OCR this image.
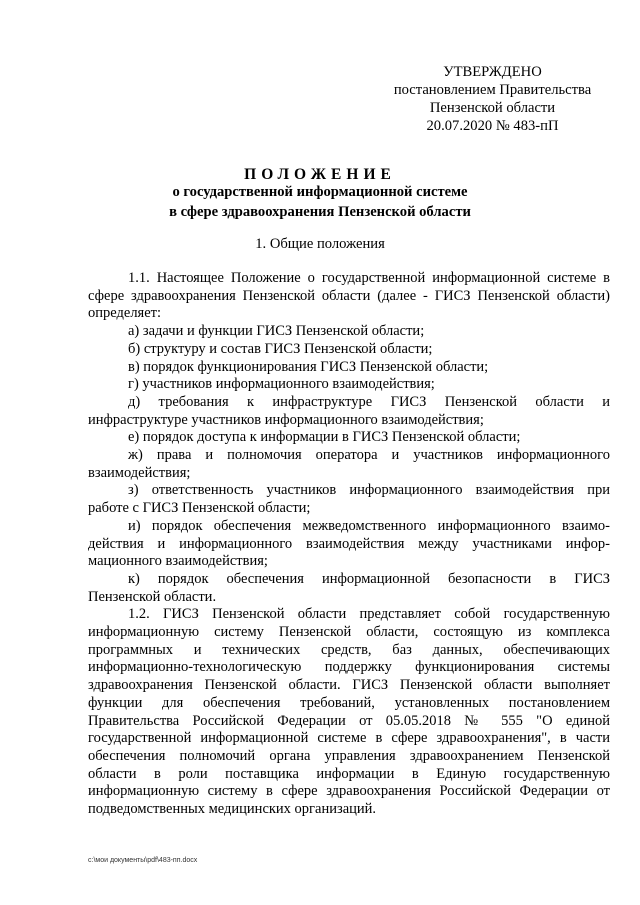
УТВЕРЖДЕНО
постановлением Правительства
Пензенской области
20.07.2020 № 483-пП
ПОЛОЖЕНИЕ
о государственной информационной системе
в сфере здравоохранения Пензенской области
1. Общие положения
1.1. Настоящее Положение о государственной информационной системе в
сфере здравоохранения Пензенской области (далее - ГИСЗ Пензенской области)
определяет:
а) задачи и функции ГИСЗ Пензенской области;
б) структуру и состав ГИСЗ Пензенской области;
в) порядок функционирования ГИСЗ Пензенской области;
г) участников информационного взаимодействия;
д) требования к инфраструктуре ГИСЗ Пензенской области и
инфраструктуре участников информационного взаимодействия;
е) порядок доступа к информации в ГИСЗ Пензенской области;
ж) права и полномочия оператора и участников информационного
взаимодействия;
з) ответственность участников информационного взаимодействия при
работе с ГИСЗ Пензенской области;
и) порядок обеспечения межведомственного информационного взаимо-
действия и информационного взаимодействия между участниками инфор-
мационного взаимодействия;
к) порядок обеспечения информационной безопасности в ГИСЗ
Пензенской области.
1.2. ГИСЗ Пензенской области представляет собой государственную
информационную систему Пензенской области, состоящую из комплекса
программных и технических средств, баз данных, обеспечивающих
информационно-технологическую поддержку функционирования системы
здравоохранения Пензенской области. ГИСЗ Пензенской области выполняет
функции для обеспечения требований, установленных постановлением
Правительства Российской Федерации от 05.05.2018 № 555 "О единой
государственной информационной системе в сфере здравоохранения", в части
обеспечения полномочий органа управления здравоохранением Пензенской
области в роли поставщика информации в Единую государственную
информационную систему в сфере здравоохранения Российской Федерации от
подведомственных медицинских организаций.
c:\мои документы\pdf\483-пп.docx
